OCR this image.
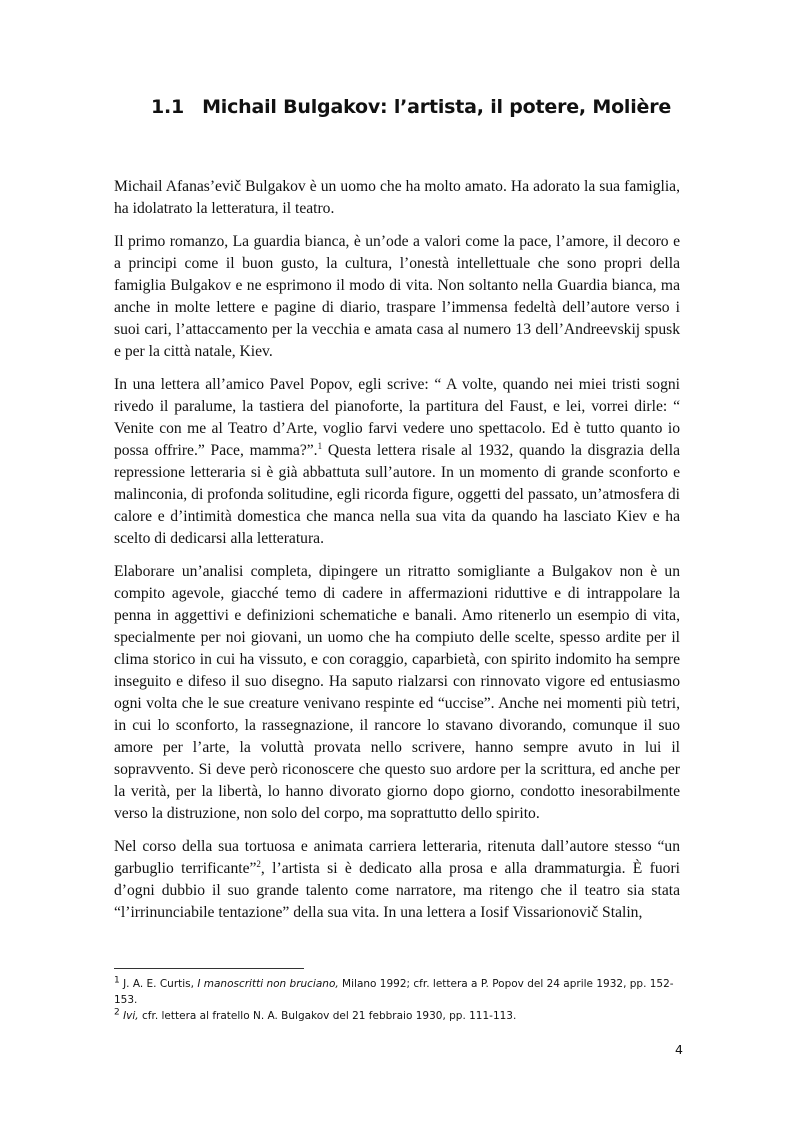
1.1 Michail Bulgakov: l’artista, il potere, Molière

Michail Afanas’evič Bulgakov è un uomo che ha molto amato. Ha adorato la sua famiglia, ha idolatrato la letteratura, il teatro.

Il primo romanzo, La guardia bianca, è un’ode a valori come la pace, l’amore, il decoro e a principi come il buon gusto, la cultura, l’onestà intellettuale che sono propri della famiglia Bulgakov e ne esprimono il modo di vita. Non soltanto nella Guardia bianca, ma anche in molte lettere e pagine di diario, traspare l’immensa fedeltà dell’autore verso i suoi cari, l’attaccamento per la vecchia e amata casa al numero 13 dell’Andreevskij spusk e per la città natale, Kiev.

In una lettera all’amico Pavel Popov, egli scrive: “ A volte, quando nei miei tristi sogni rivedo il paralume, la tastiera del pianoforte, la partitura del Faust, e lei, vorrei dirle: “ Venite con me al Teatro d’Arte, voglio farvi vedere uno spettacolo. Ed è tutto quanto io possa offrire.” Pace, mamma?”.$^1$ Questa lettera risale al 1932, quando la disgrazia della repressione letteraria si è già abbattuta sull’autore. In un momento di grande sconforto e malinconia, di profonda solitudine, egli ricorda figure, oggetti del passato, un’atmosfera di calore e d’intimità domestica che manca nella sua vita da quando ha lasciato Kiev e ha scelto di dedicarsi alla letteratura.

Elaborare un’analisi completa, dipingere un ritratto somigliante a Bulgakov non è un compito agevole, giacché temo di cadere in affermazioni riduttive e di intrappolare la penna in aggettivi e definizioni schematiche e banali. Amo ritenerlo un esempio di vita, specialmente per noi giovani, un uomo che ha compiuto delle scelte, spesso ardite per il clima storico in cui ha vissuto, e con coraggio, caparbietà, con spirito indomito ha sempre inseguito e difeso il suo disegno. Ha saputo rialzarsi con rinnovato vigore ed entusiasmo ogni volta che le sue creature venivano respinte ed “uccise”. Anche nei momenti più tetri, in cui lo sconforto, la rassegnazione, il rancore lo stavano divorando, comunque il suo amore per l’arte, la voluttà provata nello scrivere, hanno sempre avuto in lui il sopravvento. Si deve però riconoscere che questo suo ardore per la scrittura, ed anche per la verità, per la libertà, lo hanno divorato giorno dopo giorno, condotto inesorabilmente verso la distruzione, non solo del corpo, ma soprattutto dello spirito.

Nel corso della sua tortuosa e animata carriera letteraria, ritenuta dall’autore stesso “un garbuglio terrificante”$^2$, l’artista si è dedicato alla prosa e alla drammaturgia. È fuori d’ogni dubbio il suo grande talento come narratore, ma ritengo che il teatro sia stata “l’irrinunciabile tentazione” della sua vita. In una lettera a Iosif Vissarionovič Stalin,

$^1$ J. A. E. Curtis, I manoscritti non bruciano, Milano 1992; cfr. lettera a P. Popov del 24 aprile 1932, pp. 152-153.

$^2$ Ivi, cfr. lettera al fratello N. A. Bulgakov del 21 febbraio 1930, pp. 111-113.

4
